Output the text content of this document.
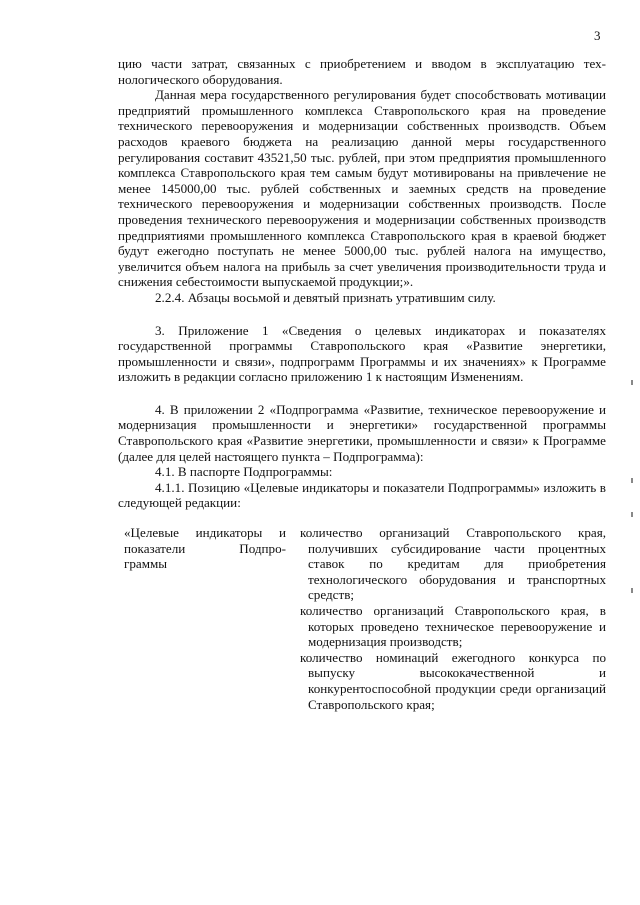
3

цию части затрат, связанных с приобретением и вводом в эксплуатацию тех-нологического оборудования.

Данная мера государственного регулирования будет способствовать мотивации предприятий промышленного комплекса Ставропольского края на проведение технического перевооружения и модернизации собственных производств. Объем расходов краевого бюджета на реализацию данной меры государственного регулирования составит 43521,50 тыс. рублей, при этом предприятия промышленного комплекса Ставропольского края тем самым будут мотивированы на привлечение не менее 145000,00 тыс. рублей собственных и заемных средств на проведение технического перевооружения и модернизации собственных производств. После проведения технического перевооружения и модернизации собственных производств предприятиями промышленного комплекса Ставропольского края в краевой бюджет будут ежегодно поступать не менее 5000,00 тыс. рублей налога на имущество, увеличится объем налога на прибыль за счет увеличения производительности труда и снижения себестоимости выпускаемой продукции;».

2.2.4. Абзацы восьмой и девятый признать утратившим силу.

3. Приложение 1 «Сведения о целевых индикаторах и показателях государственной программы Ставропольского края «Развитие энергетики, промышленности и связи», подпрограмм Программы и их значениях» к Программе изложить в редакции согласно приложению 1 к настоящим Изменениям.

4. В приложении 2 «Подпрограмма «Развитие, техническое перевооружение и модернизация промышленности и энергетики» государственной программы Ставропольского края «Развитие энергетики, промышленности и связи» к Программе (далее для целей настоящего пункта – Подпрограмма):

4.1. В паспорте Подпрограммы:

4.1.1. Позицию «Целевые индикаторы и показатели Подпрограммы» изложить в следующей редакции:

«Целевые индикаторы и
показатели Подпро-
граммы

количество организаций Ставропольского края, получивших субсидирование части процентных ставок по кредитам для приобретения технологического оборудования и транспортных средств;

количество организаций Ставропольского края, в которых проведено техническое перевооружение и модернизация производств;

количество номинаций ежегодного конкурса по выпуску высококачественной и конкурентоспособной продукции среди организаций Ставропольского края;
